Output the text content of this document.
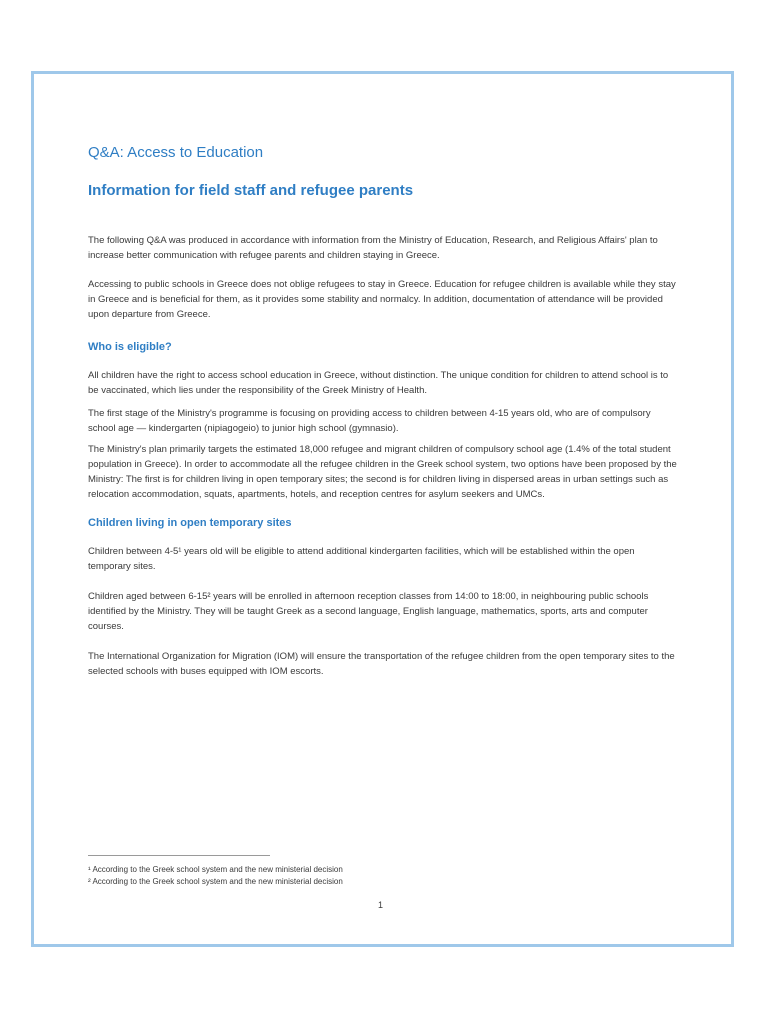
Q&A: Access to Education
Information for field staff and refugee parents

The following Q&A was produced in accordance with information from the Ministry of Education, Research, and Religious Affairs' plan to increase better communication with refugee parents and children staying in Greece.

Accessing to public schools in Greece does not oblige refugees to stay in Greece. Education for refugee children is available while they stay in Greece and is beneficial for them, as it provides some stability and normalcy. In addition, documentation of attendance will be provided upon departure from Greece.

Who is eligible?

All children have the right to access school education in Greece, without distinction. The unique condition for children to attend school is to be vaccinated, which lies under the responsibility of the Greek Ministry of Health.

The first stage of the Ministry's programme is focusing on providing access to children between 4-15 years old, who are of compulsory school age — kindergarten (nipiagogeio) to junior high school (gymnasio).

The Ministry's plan primarily targets the estimated 18,000 refugee and migrant children of compulsory school age (1.4% of the total student population in Greece). In order to accommodate all the refugee children in the Greek school system, two options have been proposed by the Ministry: The first is for children living in open temporary sites; the second is for children living in dispersed areas in urban settings such as relocation accommodation, squats, apartments, hotels, and reception centres for asylum seekers and UMCs.

Children living in open temporary sites

Children between 4-5¹ years old will be eligible to attend additional kindergarten facilities, which will be established within the open temporary sites.

Children aged between 6-15² years will be enrolled in afternoon reception classes from 14:00 to 18:00, in neighbouring public schools identified by the Ministry. They will be taught Greek as a second language, English language, mathematics, sports, arts and computer courses.

The International Organization for Migration (IOM) will ensure the transportation of the refugee children from the open temporary sites to the selected schools with buses equipped with IOM escorts.

¹ According to the Greek school system and the new ministerial decision

² According to the Greek school system and the new ministerial decision

1
